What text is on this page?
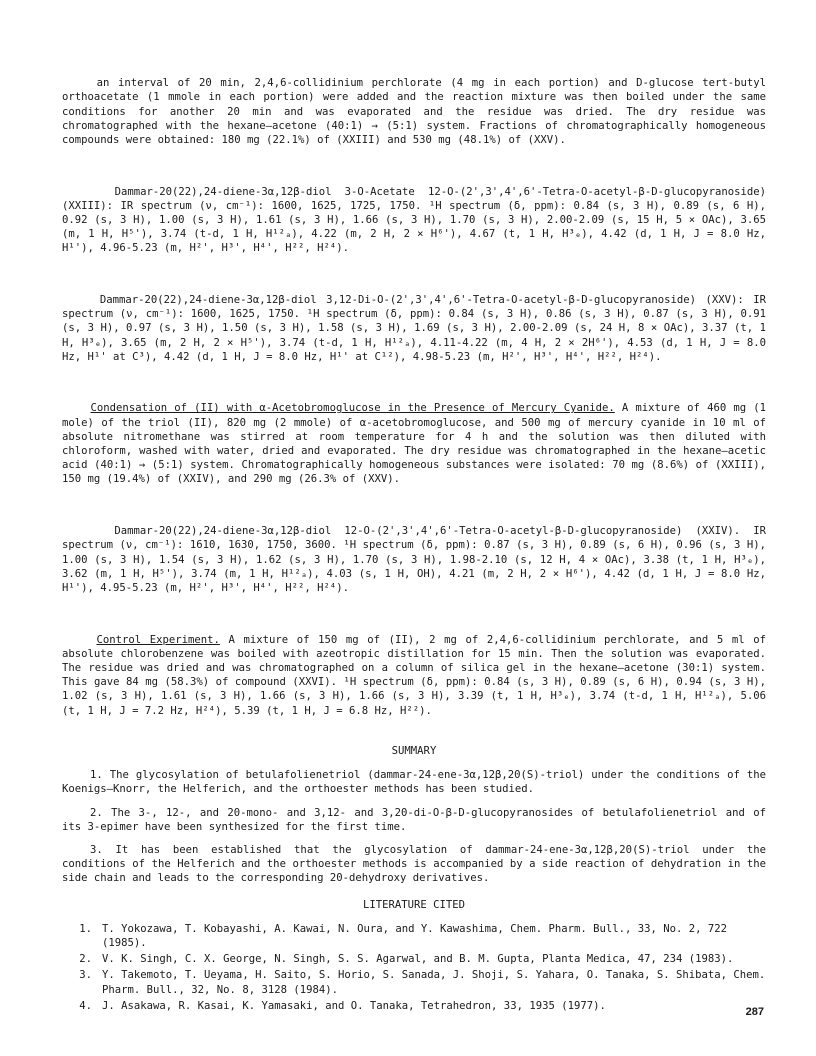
an interval of 20 min, 2,4,6-collidinium perchlorate (4 mg in each portion) and D-glucose tert-butyl orthoacetate (1 mmole in each portion) were added and the reaction mixture was then boiled under the same conditions for another 20 min and was evaporated and the residue was dried. The dry residue was chromatographed with the hexane—acetone (40:1) → (5:1) system. Fractions of chromatographically homogeneous compounds were obtained: 180 mg (22.1%) of (XXIII) and 530 mg (48.1%) of (XXV).

Dammar-20(22),24-diene-3α,12β-diol 3-O-Acetate 12-O-(2',3',4',6'-Tetra-O-acetyl-β-D-glucopyranoside) (XXIII): IR spectrum (ν, cm⁻¹): 1600, 1625, 1725, 1750. ¹H spectrum (δ, ppm): 0.84 (s, 3 H), 0.89 (s, 6 H), 0.92 (s, 3 H), 1.00 (s, 3 H), 1.61 (s, 3 H), 1.66 (s, 3 H), 1.70 (s, 3 H), 2.00-2.09 (s, 15 H, 5 × OAc), 3.65 (m, 1 H, H⁵'), 3.74 (t-d, 1 H, H¹²ₐ), 4.22 (m, 2 H, 2 × H⁶'), 4.67 (t, 1 H, H³ₑ), 4.42 (d, 1 H, J = 8.0 Hz, H¹'), 4.96-5.23 (m, H²', H³', H⁴', H²², H²⁴).

Dammar-20(22),24-diene-3α,12β-diol 3,12-Di-O-(2',3',4',6'-Tetra-O-acetyl-β-D-glucopyranoside) (XXV): IR spectrum (ν, cm⁻¹): 1600, 1625, 1750. ¹H spectrum (δ, ppm): 0.84 (s, 3 H), 0.86 (s, 3 H), 0.87 (s, 3 H), 0.91 (s, 3 H), 0.97 (s, 3 H), 1.50 (s, 3 H), 1.58 (s, 3 H), 1.69 (s, 3 H), 2.00-2.09 (s, 24 H, 8 × OAc), 3.37 (t, 1 H, H³ₑ), 3.65 (m, 2 H, 2 × H⁵'), 3.74 (t-d, 1 H, H¹²ₐ), 4.11-4.22 (m, 4 H, 2 × 2H⁶'), 4.53 (d, 1 H, J = 8.0 Hz, H¹' at C³), 4.42 (d, 1 H, J = 8.0 Hz, H¹' at C¹²), 4.98-5.23 (m, H²', H³', H⁴', H²², H²⁴).

Condensation of (II) with α-Acetobromoglucose in the Presence of Mercury Cyanide. A mixture of 460 mg (1 mole) of the triol (II), 820 mg (2 mmole) of α-acetobromoglucose, and 500 mg of mercury cyanide in 10 ml of absolute nitromethane was stirred at room temperature for 4 h and the solution was then diluted with chloroform, washed with water, dried and evaporated. The dry residue was chromatographed in the hexane—acetic acid (40:1) → (5:1) system. Chromatographically homogeneous substances were isolated: 70 mg (8.6%) of (XXIII), 150 mg (19.4%) of (XXIV), and 290 mg (26.3% of (XXV).

Dammar-20(22),24-diene-3α,12β-diol 12-O-(2',3',4',6'-Tetra-O-acetyl-β-D-glucopyranoside) (XXIV). IR spectrum (ν, cm⁻¹): 1610, 1630, 1750, 3600. ¹H spectrum (δ, ppm): 0.87 (s, 3 H), 0.89 (s, 6 H), 0.96 (s, 3 H), 1.00 (s, 3 H), 1.54 (s, 3 H), 1.62 (s, 3 H), 1.70 (s, 3 H), 1.98-2.10 (s, 12 H, 4 × OAc), 3.38 (t, 1 H, H³ₑ), 3.62 (m, 1 H, H⁵'), 3.74 (m, 1 H, H¹²ₐ), 4.03 (s, 1 H, OH), 4.21 (m, 2 H, 2 × H⁶'), 4.42 (d, 1 H, J = 8.0 Hz, H¹'), 4.95-5.23 (m, H²', H³', H⁴', H²², H²⁴).

Control Experiment. A mixture of 150 mg of (II), 2 mg of 2,4,6-collidinium perchlorate, and 5 ml of absolute chlorobenzene was boiled with azeotropic distillation for 15 min. Then the solution was evaporated. The residue was dried and was chromatographed on a column of silica gel in the hexane—acetone (30:1) system. This gave 84 mg (58.3%) of compound (XXVI). ¹H spectrum (δ, ppm): 0.84 (s, 3 H), 0.89 (s, 6 H), 0.94 (s, 3 H), 1.02 (s, 3 H), 1.61 (s, 3 H), 1.66 (s, 3 H), 1.66 (s, 3 H), 3.39 (t, 1 H, H³ₑ), 3.74 (t-d, 1 H, H¹²ₐ), 5.06 (t, 1 H, J = 7.2 Hz, H²⁴), 5.39 (t, 1 H, J = 6.8 Hz, H²²).

SUMMARY

1. The glycosylation of betulafolienetriol (dammar-24-ene-3α,12β,20(S)-triol) under the conditions of the Koenigs—Knorr, the Helferich, and the orthoester methods has been studied.

2. The 3-, 12-, and 20-mono- and 3,12- and 3,20-di-O-β-D-glucopyranosides of betulafolienetriol and of its 3-epimer have been synthesized for the first time.

3. It has been established that the glycosylation of dammar-24-ene-3α,12β,20(S)-triol under the conditions of the Helferich and the orthoester methods is accompanied by a side reaction of dehydration in the side chain and leads to the corresponding 20-dehydroxy derivatives.

LITERATURE CITED
1. T. Yokozawa, T. Kobayashi, A. Kawai, N. Oura, and Y. Kawashima, Chem. Pharm. Bull., 33, No. 2, 722 (1985).
2. V. K. Singh, C. X. George, N. Singh, S. S. Agarwal, and B. M. Gupta, Planta Medica, 47, 234 (1983).
3. Y. Takemoto, T. Ueyama, H. Saito, S. Horio, S. Sanada, J. Shoji, S. Yahara, O. Tanaka, S. Shibata, Chem. Pharm. Bull., 32, No. 8, 3128 (1984).
4. J. Asakawa, R. Kasai, K. Yamasaki, and O. Tanaka, Tetrahedron, 33, 1935 (1977).
287
